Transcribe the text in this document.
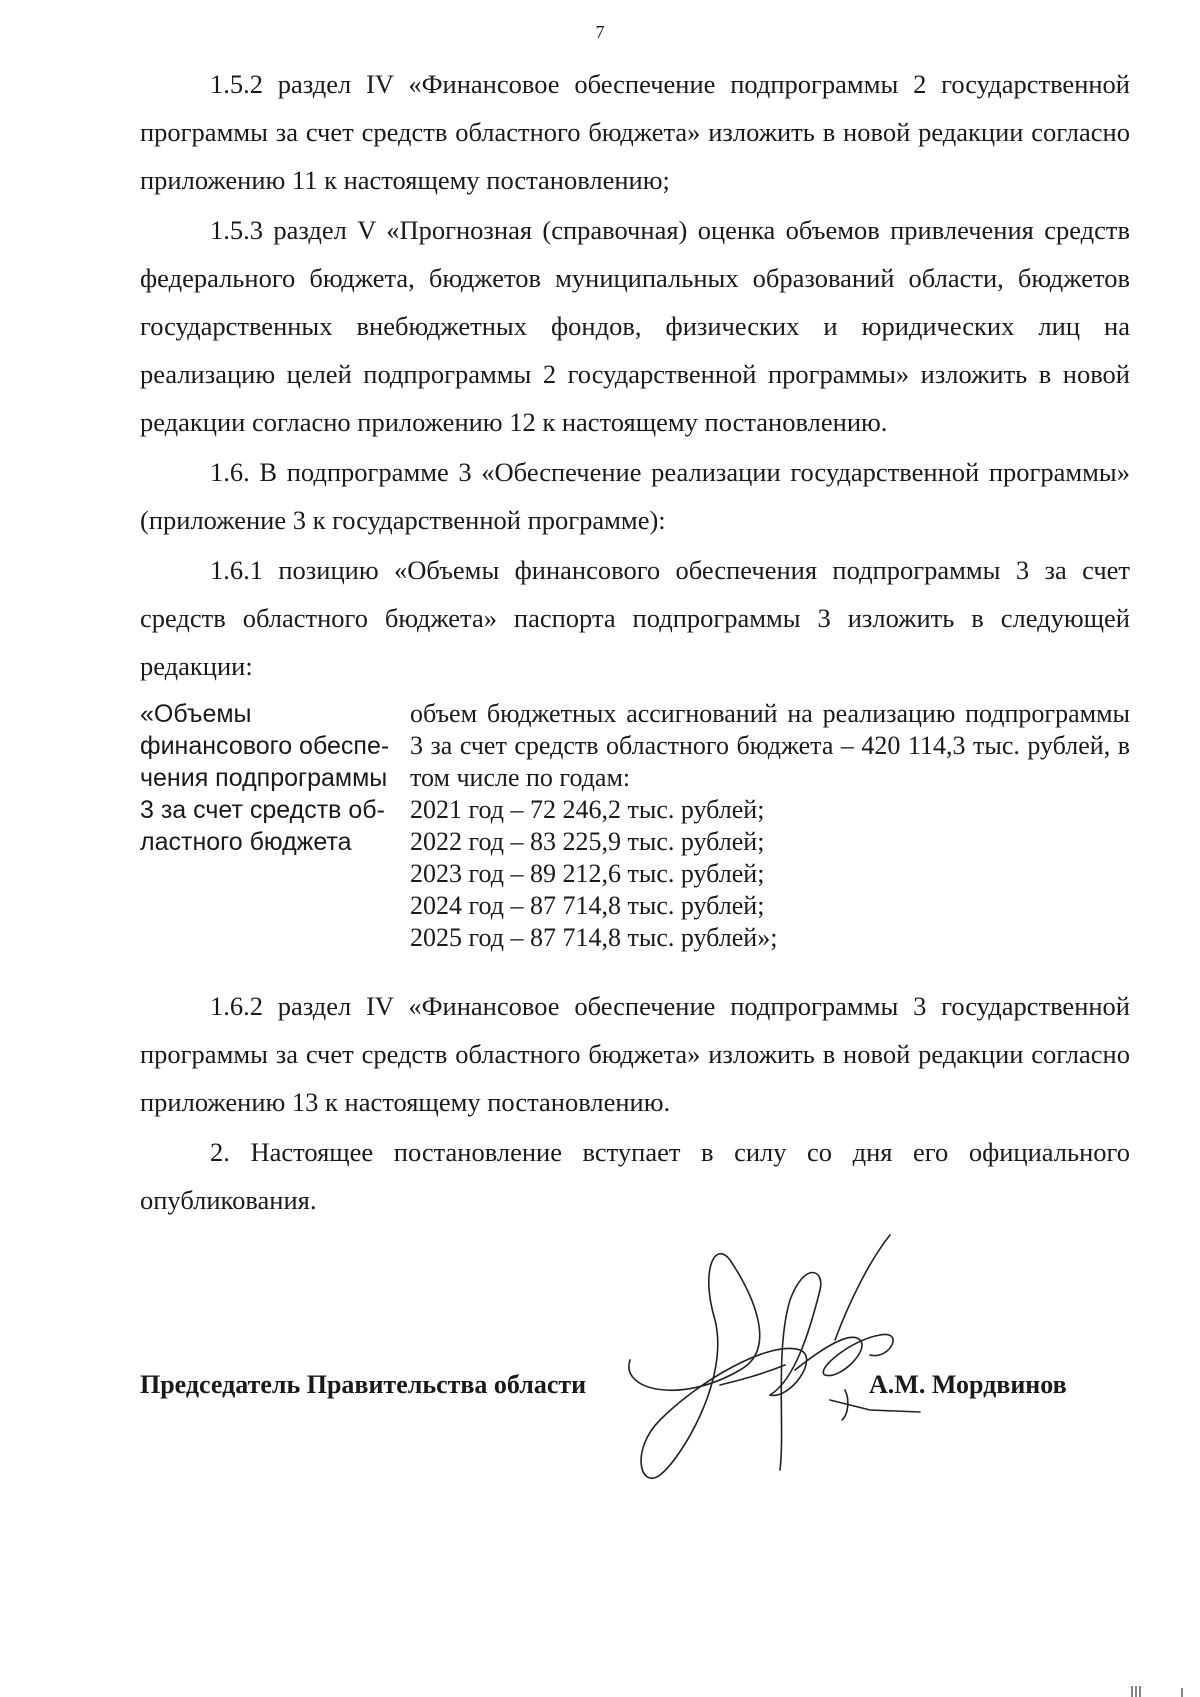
7

1.5.2 раздел IV «Финансовое обеспечение подпрограммы 2 государственной программы за счет средств областного бюджета» изложить в новой редакции согласно приложению 11 к настоящему постановлению;

1.5.3 раздел V «Прогнозная (справочная) оценка объемов привлечения средств федерального бюджета, бюджетов муниципальных образований области, бюджетов государственных внебюджетных фондов, физических и юридических лиц на реализацию целей подпрограммы 2 государственной программы» изложить в новой редакции согласно приложению 12 к настоящему постановлению.

1.6. В подпрограмме 3 «Обеспечение реализации государственной программы» (приложение 3 к государственной программе):

1.6.1 позицию «Объемы финансового обеспечения подпрограммы 3 за счет средств областного бюджета» паспорта подпрограммы 3 изложить в следующей редакции:

«Объемы
финансового обеспе-
чения подпрограммы
3 за счет средств об-
ластного бюджета
объем бюджетных ассигнований на реализацию подпрограммы 3 за счет средств областного бюджета – 420 114,3 тыс. рублей, в том числе по годам:
2021 год – 72 246,2 тыс. рублей;
2022 год – 83 225,9 тыс. рублей;
2023 год – 89 212,6 тыс. рублей;
2024 год – 87 714,8 тыс. рублей;
2025 год – 87 714,8 тыс. рублей»;

1.6.2 раздел IV «Финансовое обеспечение подпрограммы 3 государственной программы за счет средств областного бюджета» изложить в новой редакции согласно приложению 13 к настоящему постановлению.

2. Настоящее постановление вступает в силу со дня его официального опубликования.

Председатель Правительства области	А.М. Мордвинов
